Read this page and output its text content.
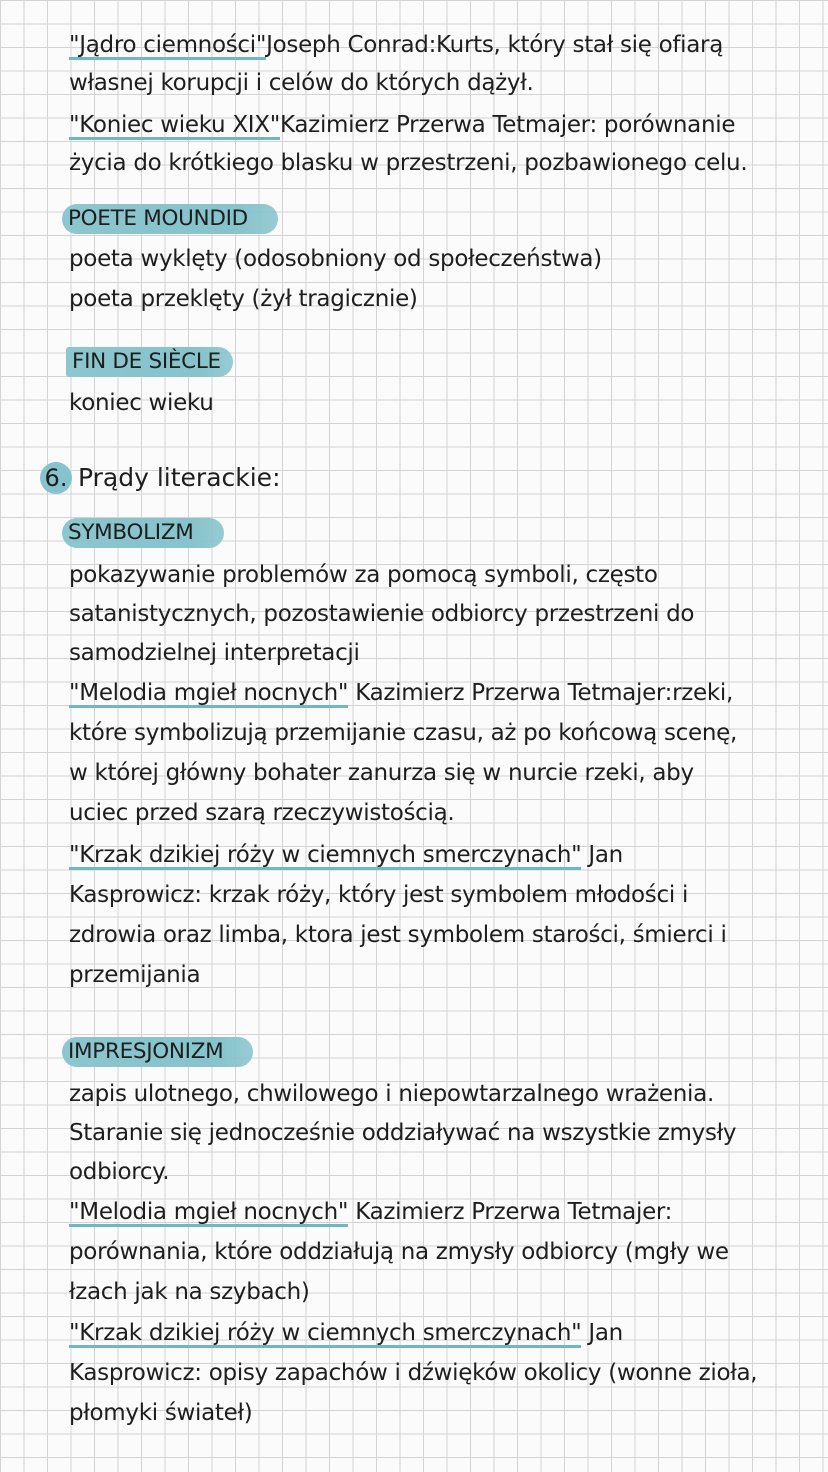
"Jądro ciemności"Joseph Conrad:Kurts, który stał się ofiarą
własnej korupcji i celów do których dążył.
"Koniec wieku XIX"Kazimierz Przerwa Tetmajer: porównanie
życia do krótkiego blasku w przestrzeni, pozbawionego celu.
POETE MOUNDID
poeta wyklęty (odosobniony od społeczeństwa)
poeta przeklęty (żył tragicznie)
FIN DE SIÈCLE
koniec wieku
6. Prądy literackie:
SYMBOLIZM
pokazywanie problemów za pomocą symboli, często
satanistycznych, pozostawienie odbiorcy przestrzeni do
samodzielnej interpretacji
"Melodia mgieł nocnych" Kazimierz Przerwa Tetmajer:rzeki,
które symbolizują przemijanie czasu, aż po końcową scenę,
w której główny bohater zanurza się w nurcie rzeki, aby
uciec przed szarą rzeczywistością.
"Krzak dzikiej róży w ciemnych smerczynach" Jan
Kasprowicz: krzak róży, który jest symbolem młodości i
zdrowia oraz limba, ktora jest symbolem starości, śmierci i
przemijania
IMPRESJONIZM
zapis ulotnego, chwilowego i niepowtarzalnego wrażenia.
Staranie się jednocześnie oddziaływać na wszystkie zmysły
odbiorcy.
"Melodia mgieł nocnych" Kazimierz Przerwa Tetmajer:
porównania, które oddziałują na zmysły odbiorcy (mgły we
łzach jak na szybach)
"Krzak dzikiej róży w ciemnych smerczynach" Jan
Kasprowicz: opisy zapachów i dźwięków okolicy (wonne zioła,
płomyki świateł)
